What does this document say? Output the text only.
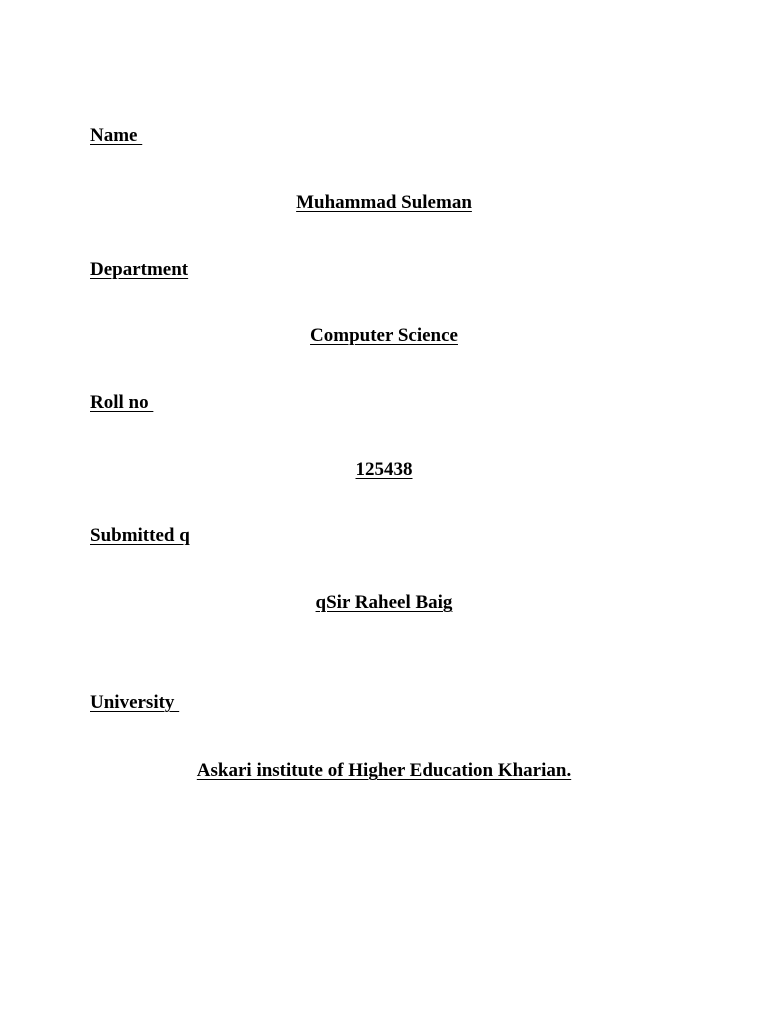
Name
Muhammad Suleman
Department
Computer Science
Roll no
125438
Submitted q
qSir Raheel Baig
University
Askari institute of Higher Education Kharian.
